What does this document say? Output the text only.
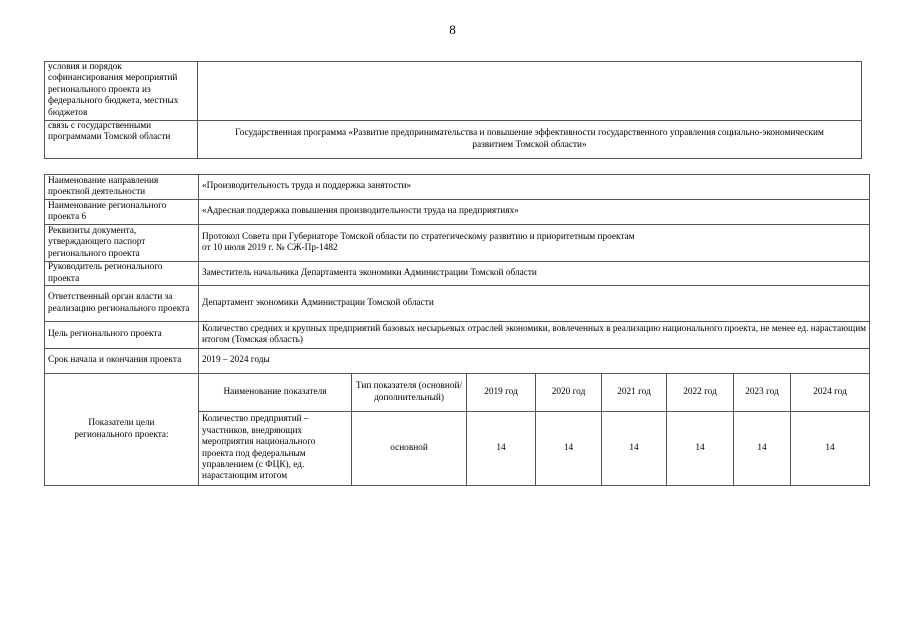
8
условия и порядок софинансирования мероприятий регионального проекта из федерального бюджета, местных бюджетов	
связь с государственными программами Томской области	Государственная программа «Развитие предпринимательства и повышение эффективности государственного управления социально-экономическим развитием Томской области»
Наименование направления проектной деятельности	«Производительность труда и поддержка занятости»							
Наименование регионального проекта 6	«Адресная поддержка повышения производительности труда на предприятиях»							
Реквизиты документа, утверждающего паспорт регионального проекта	Протокол Совета при Губернаторе Томской области по стратегическому развитию и приоритетным проектам
от 10 июля 2019 г. № СЖ-Пр-1482							

Руководитель регионального проекта	Заместитель начальника Департамента экономики Администрации Томской области							
Ответственный орган власти за реализацию регионального проекта	Департамент экономики Администрации Томской области							
Цель регионального проекта	Количество средних и крупных предприятий базовых несырьевых отраслей экономики, вовлеченных в реализацию национального проекта, не менее ед. нарастающим итогом (Томская область)							
Срок начала и окончания проекта	2019 – 2024 годы							
Показатели цели регионального проекта:	Наименование показателя	Тип показателя (основной/ дополнительный)	2019 год	2020 год	2021 год	2022 год	2023 год	2024 год
	Количество предприятий – участников, внедряющих мероприятия национального проекта под федеральным управлением (с ФЦК), ед. нарастающим итогом	основной	14	14	14	14	14	14
